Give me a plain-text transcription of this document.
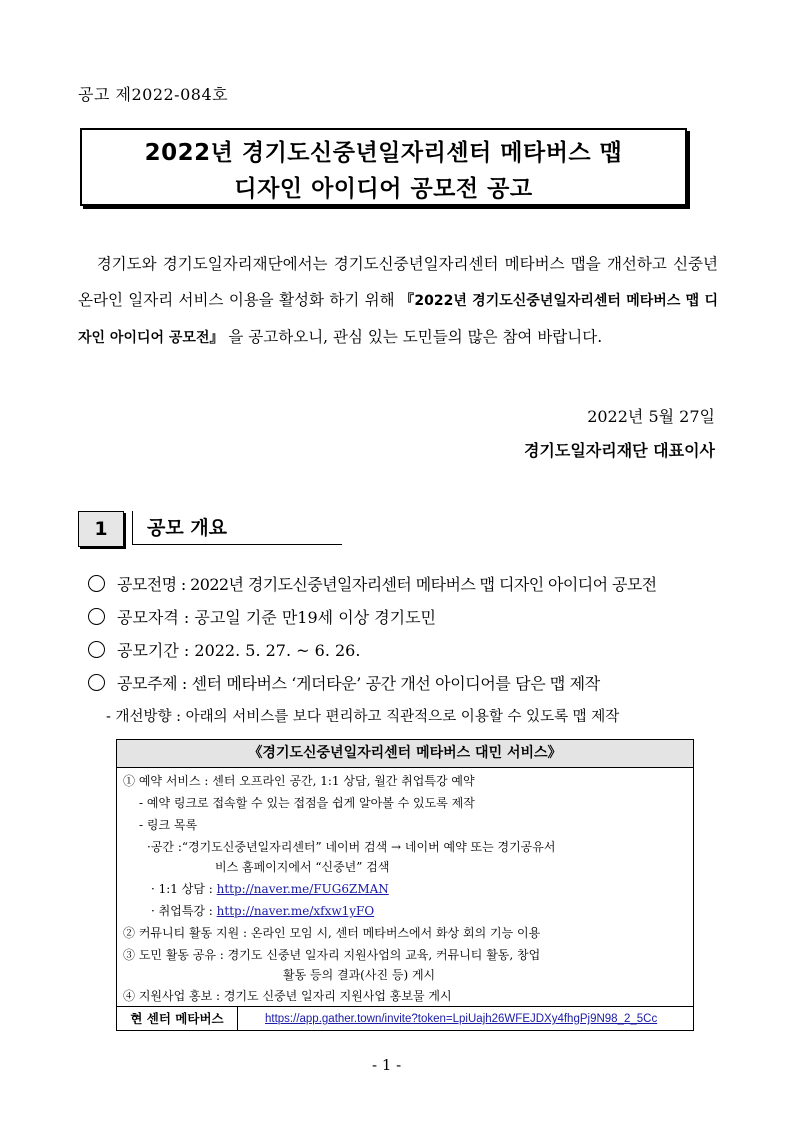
공고 제2022-084호
2022년 경기도신중년일자리센터 메타버스 맵
디자인 아이디어 공모전 공고

경기도와 경기도일자리재단에서는 경기도신중년일자리센터 메타버스 맵을 개선하고 신중년 온라인 일자리 서비스 이용을 활성화 하기 위해 『2022년 경기도신중년일자리센터 메타버스 맵 디자인 아이디어 공모전』 을 공고하오니, 관심 있는 도민들의 많은 참여 바랍니다.

2022년 5월 27일
경기도일자리재단 대표이사
1	공모 개요
공모전명 : 2022년 경기도신중년일자리센터 메타버스 맵 디자인 아이디어 공모전
공모자격 : 공고일 기준 만19세 이상 경기도민
공모기간 : 2022. 5. 27. ~ 6. 26.
공모주제 : 센터 메타버스 ‘게더타운’ 공간 개선 아이디어를 담은 맵 제작
- 개선방향 : 아래의 서비스를 보다 편리하고 직관적으로 이용할 수 있도록 맵 제작
《경기도신중년일자리센터 메타버스 대민 서비스》
① 예약 서비스 : 센터 오프라인 공간, 1:1 상담, 월간 취업특강 예약
- 예약 링크로 접속할 수 있는 접점을 쉽게 알아볼 수 있도록 제작
- 링크 목록
·공간 :“경기도신중년일자리센터” 네이버 검색 → 네이버 예약 또는 경기공유서
비스 홈페이지에서 “신중년” 검색
· 1:1 상담 : http://naver.me/FUG6ZMAN
· 취업특강 : http://naver.me/xfxw1yFO
② 커뮤니티 활동 지원 : 온라인 모임 시, 센터 메타버스에서 화상 회의 기능 이용
③ 도민 활동 공유 : 경기도 신중년 일자리 지원사업의 교육, 커뮤니티 활동, 창업
활동 등의 결과(사진 등) 게시
④ 지원사업 홍보 : 경기도 신중년 일자리 지원사업 홍보물 게시
현 센터 메타버스	https://app.gather.town/invite?token=LpiUajh26WFEJDXy4fhgPj9N98_2_5Cc
- 1 -
